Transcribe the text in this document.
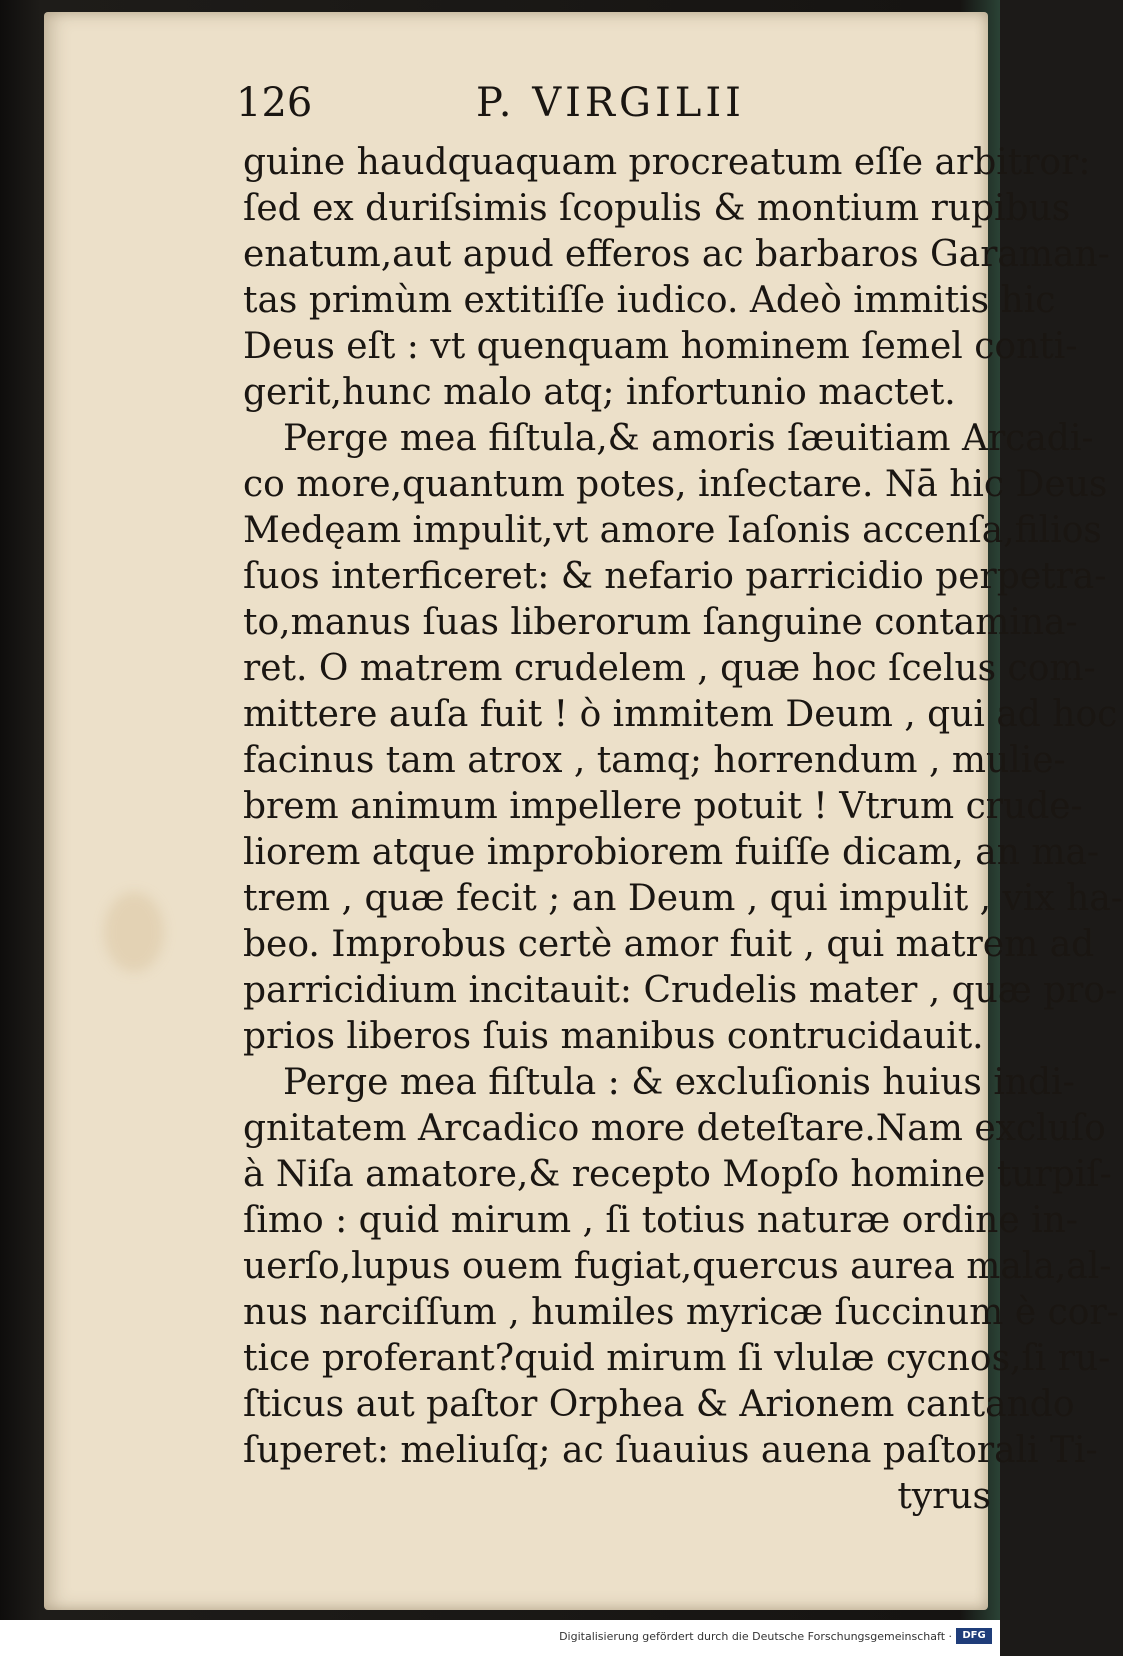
126	P. VIRGILII
guine haudquaquam procreatum eſſe arbitror:
ſed ex duriſsimis ſcopulis & montium rupibus
enatum,aut apud efferos ac barbaros Garaman-
tas primùm extitiſſe iudico. Adeò immitis hic
Deus eſt : vt quenquam hominem ſemel conti-
gerit,hunc malo atq; infortunio mactet.
Perge mea fiſtula,& amoris ſæuitiam Arcadi-
co more,quantum potes, inſectare. Nā hic Deus
Medęam impulit,vt amore Iaſonis accenſa,filios
ſuos interficeret: & nefario parricidio perpetra-
to,manus ſuas liberorum ſanguine contamina-
ret. O matrem crudelem , quæ hoc ſcelus com-
mittere auſa fuit ! ò immitem Deum , qui ad hoc
facinus tam atrox , tamq; horrendum , mulie-
brem animum impellere potuit ! Vtrum crude-
liorem atque improbiorem fuiſſe dicam, an ma-
trem , quæ fecit ; an Deum , qui impulit , vix ha-
beo. Improbus certè amor fuit , qui matrem ad
parricidium incitauit: Crudelis mater , quæ pro-
prios liberos ſuis manibus contrucidauit.
Perge mea fiſtula : & excluſionis huius indi-
gnitatem Arcadico more deteſtare.Nam excluſo
à Niſa amatore,& recepto Mopſo homine turpiſ-
ſimo : quid mirum , ſi totius naturæ ordine in-
uerſo,lupus ouem fugiat,quercus aurea mala,al-
nus narciſſum , humiles myricæ ſuccinum è cor-
tice proferant?quid mirum ſi vlulæ cycnos,ſi ru-
ſticus aut paſtor Orphea & Arionem cantando
ſuperet: meliuſq; ac ſuauius auena paſtorali Ti-
tyrus
Digitalisierung gefördert durch die Deutsche Forschungsgemeinschaft ·	DFG
